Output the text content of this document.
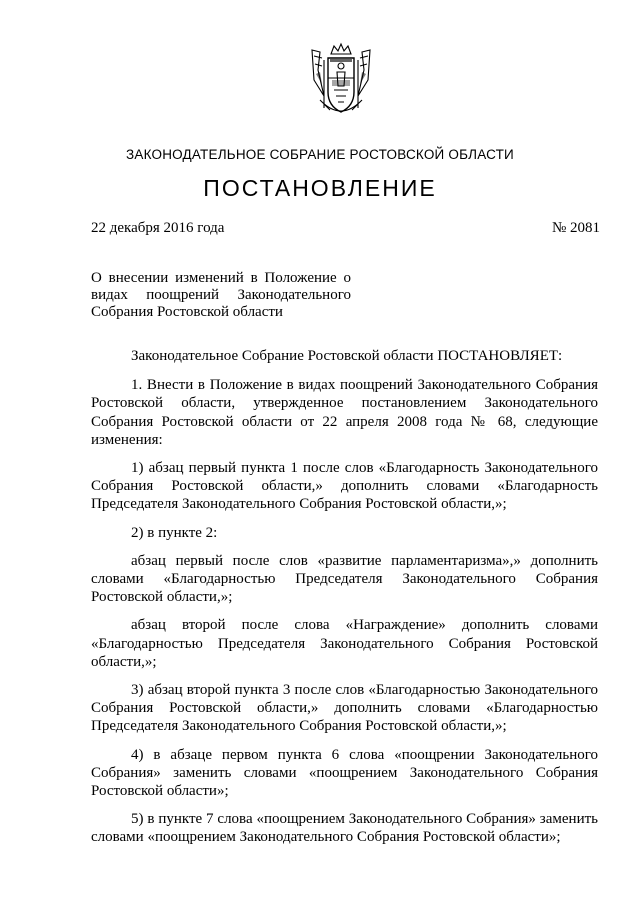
ЗАКОНОДАТЕЛЬНОЕ СОБРАНИЕ РОСТОВСКОЙ ОБЛАСТИ
ПОСТАНОВЛЕНИЕ
22 декабря 2016 года	№ 2081
О внесении изменений в Положение о видах поощрений Законодательного Собрания Ростовской области

Законодательное Собрание Ростовской области ПОСТАНОВЛЯЕТ:

1. Внести в Положение в видах поощрений Законодательного Собрания Ростовской области, утвержденное постановлением Законодательного Собрания Ростовской области от 22 апреля 2008 года № 68, следующие изменения:

1) абзац первый пункта 1 после слов «Благодарность Законодательного Собрания Ростовской области,» дополнить словами «Благодарность Председателя Законодательного Собрания Ростовской области,»;

2) в пункте 2:

абзац первый после слов «развитие парламентаризма»,» дополнить словами «Благодарностью Председателя Законодательного Собрания Ростовской области,»;

абзац второй после слова «Награждение» дополнить словами «Благодарностью Председателя Законодательного Собрания Ростовской области,»;

3) абзац второй пункта 3 после слов «Благодарностью Законодательного Собрания Ростовской области,» дополнить словами «Благодарностью Председателя Законодательного Собрания Ростовской области,»;

4) в абзаце первом пункта 6 слова «поощрении Законодательного Собрания» заменить словами «поощрением Законодательного Собрания Ростовской области»;

5) в пункте 7 слова «поощрением Законодательного Собрания» заменить словами «поощрением Законодательного Собрания Ростовской области»;
